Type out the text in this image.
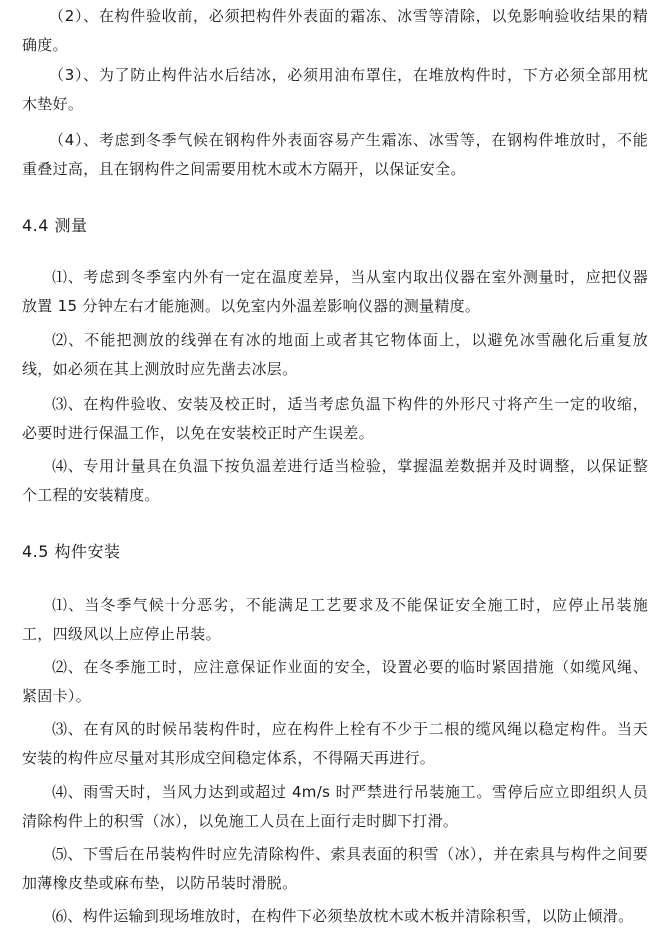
（2）、在构件验收前，必须把构件外表面的霜冻、冰雪等清除，以免影响验收结果的精确度。

（3）、为了防止构件沾水后结冰，必须用油布罩住，在堆放构件时，下方必须全部用枕木垫好。

（4）、考虑到冬季气候在钢构件外表面容易产生霜冻、冰雪等，在钢构件堆放时，不能重叠过高，且在钢构件之间需要用枕木或木方隔开，以保证安全。

4.4 测量

⑴、考虑到冬季室内外有一定在温度差异，当从室内取出仪器在室外测量时，应把仪器放置 15 分钟左右才能施测。以免室内外温差影响仪器的测量精度。

⑵、不能把测放的线弹在有冰的地面上或者其它物体面上，以避免冰雪融化后重复放线，如必须在其上测放时应先凿去冰层。

⑶、在构件验收、安装及校正时，适当考虑负温下构件的外形尺寸将产生一定的收缩，必要时进行保温工作，以免在安装校正时产生误差。

⑷、专用计量具在负温下按负温差进行适当检验，掌握温差数据并及时调整，以保证整个工程的安装精度。

4.5 构件安装

⑴、当冬季气候十分恶劣，不能满足工艺要求及不能保证安全施工时，应停止吊装施工，四级风以上应停止吊装。

⑵、在冬季施工时，应注意保证作业面的安全，设置必要的临时紧固措施（如缆风绳、紧固卡）。

⑶、在有风的时候吊装构件时，应在构件上栓有不少于二根的缆风绳以稳定构件。当天安装的构件应尽量对其形成空间稳定体系，不得隔天再进行。

⑷、雨雪天时，当风力达到或超过 4m/s 时严禁进行吊装施工。雪停后应立即组织人员清除构件上的积雪（冰），以免施工人员在上面行走时脚下打滑。

⑸、下雪后在吊装构件时应先清除构件、索具表面的积雪（冰），并在索具与构件之间要加薄橡皮垫或麻布垫，以防吊装时滑脱。

⑹、构件运输到现场堆放时，在构件下必须垫放枕木或木板并清除积雪，以防止倾滑。
